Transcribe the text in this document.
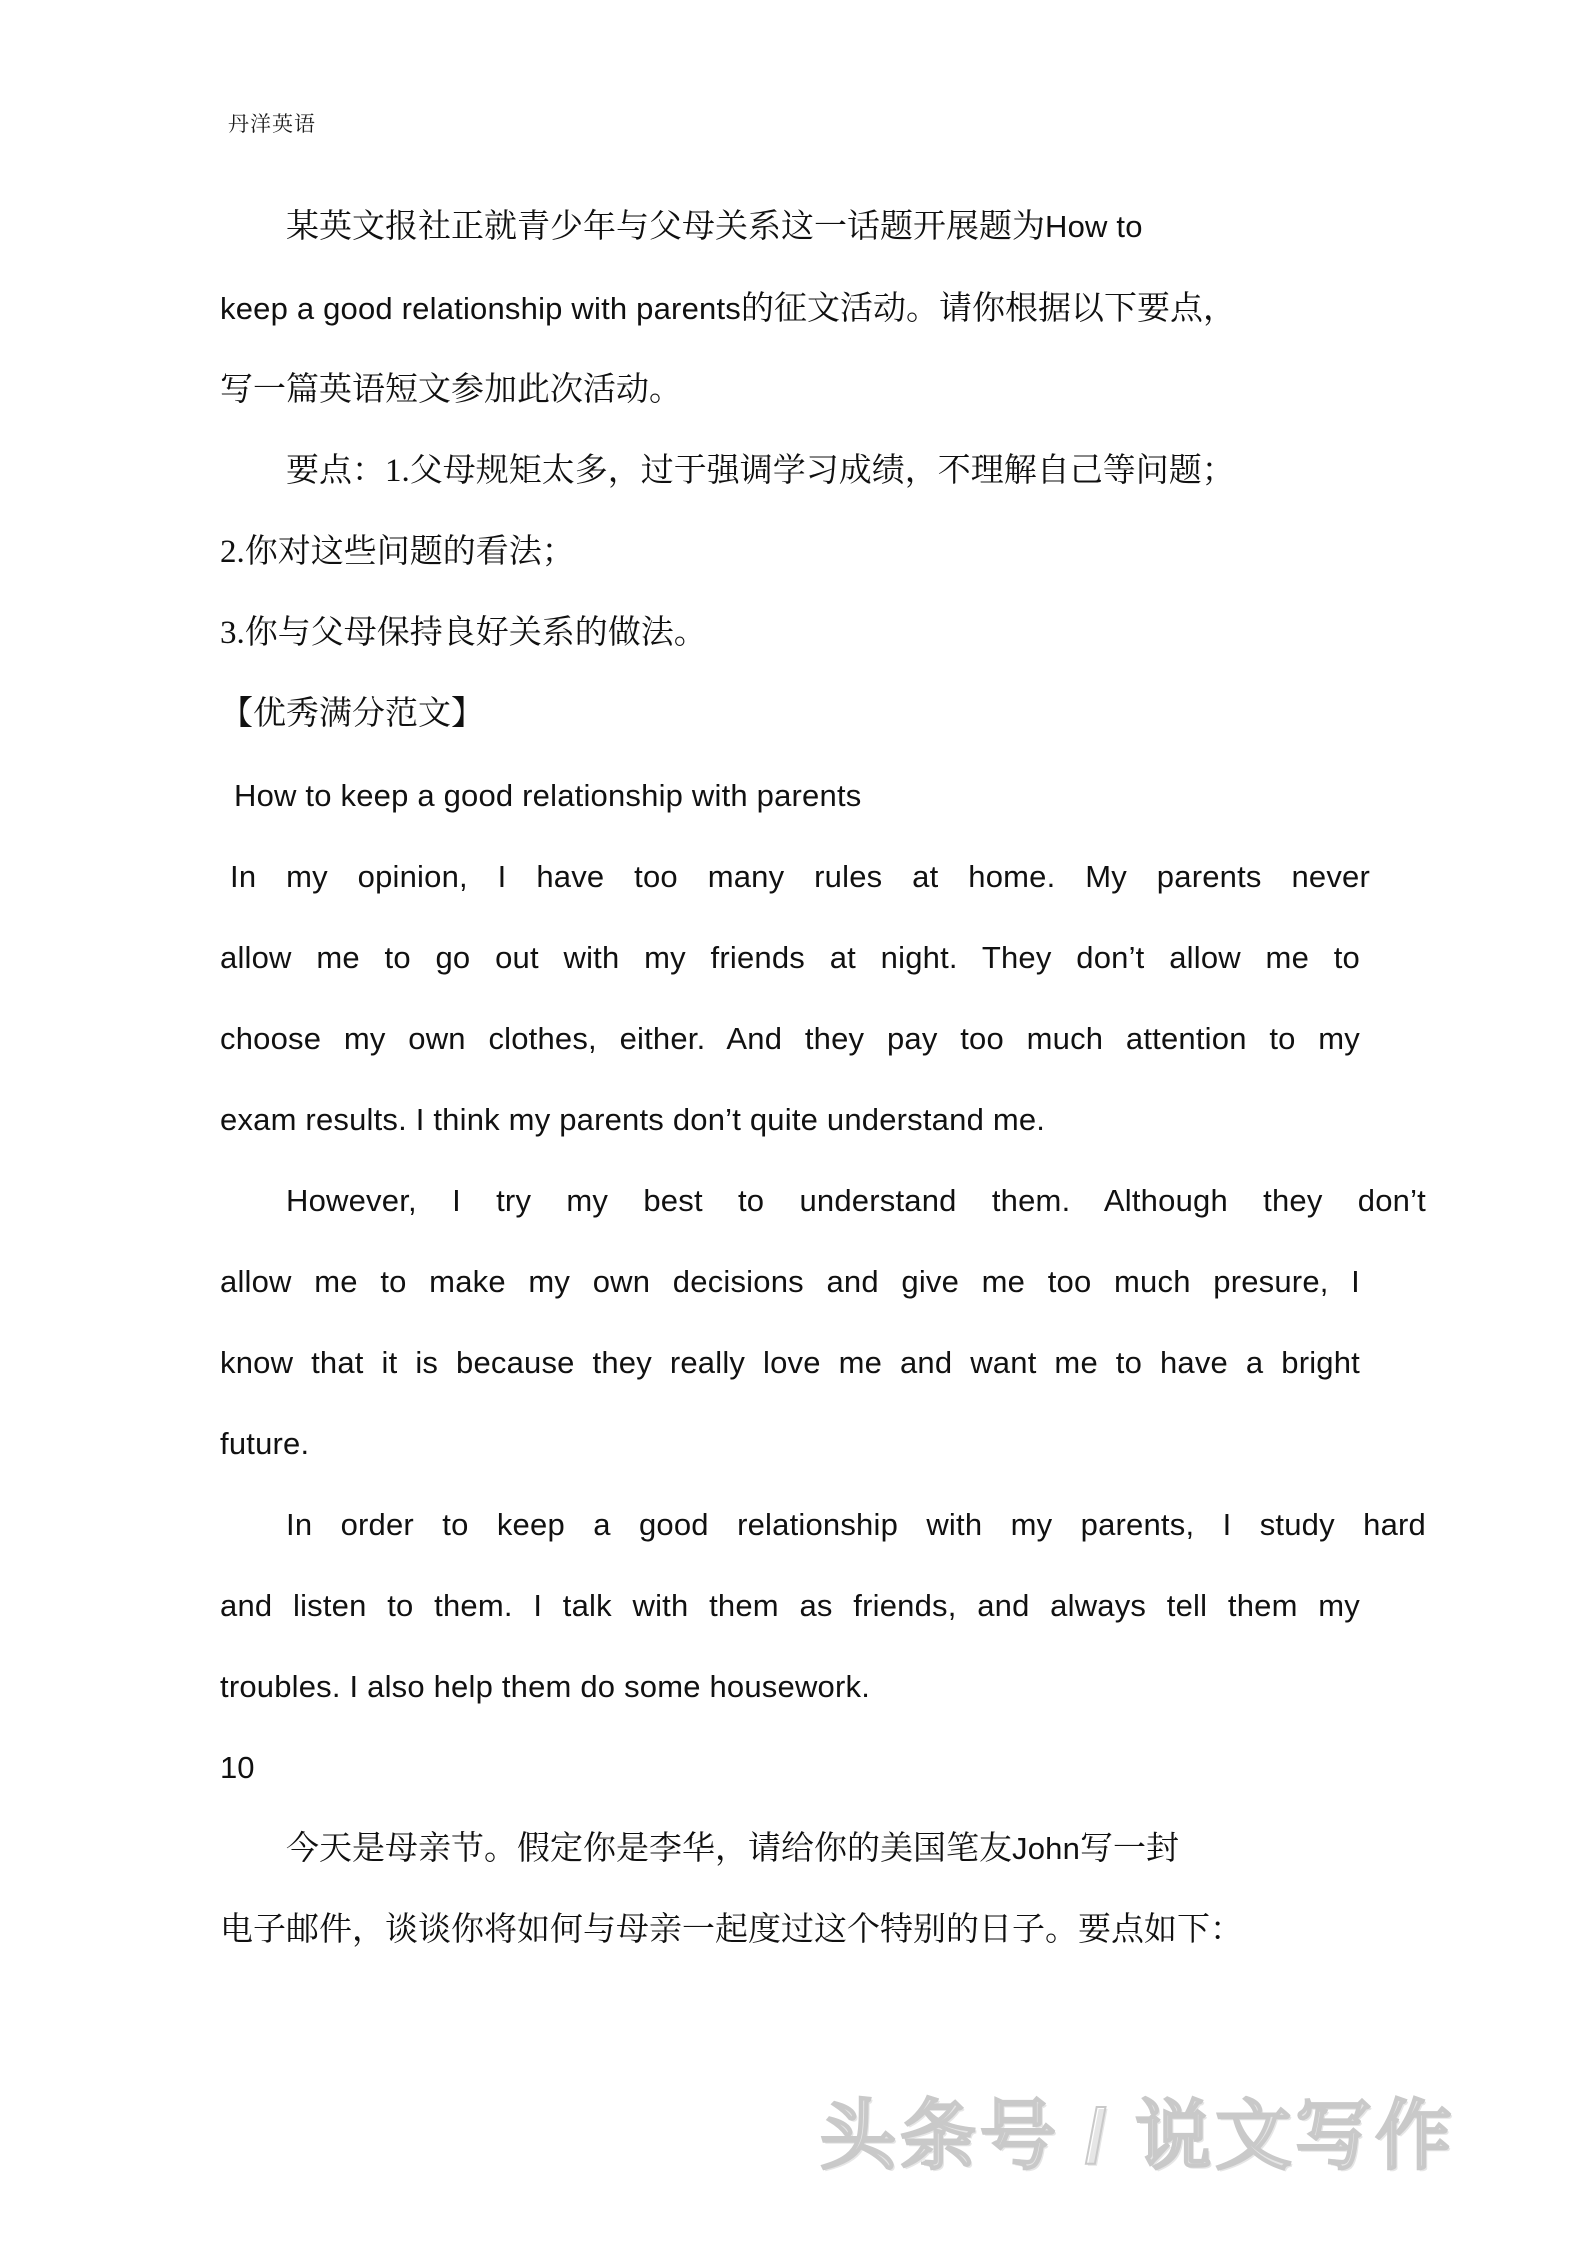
丹洋英语
某英文报社正就青少年与父母关系这一话题开展题为How to
keep a good relationship with parents的征文活动。请你根据以下要点，
写一篇英语短文参加此次活动。
要点：1.父母规矩太多，过于强调学习成绩，不理解自己等问题；
2.你对这些问题的看法；
3.你与父母保持良好关系的做法。
【优秀满分范文】
How to keep a good relationship with parents
In my opinion, I have too many rules at home. My parents never
allow me to go out with my friends at night. They don’t allow me to
choose my own clothes, either. And they pay too much attention to my
exam results. I think my parents don’t quite understand me.
However, I try my best to understand them. Although they don’t
allow me to make my own decisions and give me too much presure, I
know that it is because they really love me and want me to have a bright
future.
In order to keep a good relationship with my parents, I study hard
and listen to them. I talk with them as friends, and always tell them my
troubles. I also help them do some housework.
10
今天是母亲节。假定你是李华，请给你的美国笔友John写一封
电子邮件，谈谈你将如何与母亲一起度过这个特别的日子。要点如下：
头条号 / 说文写作
